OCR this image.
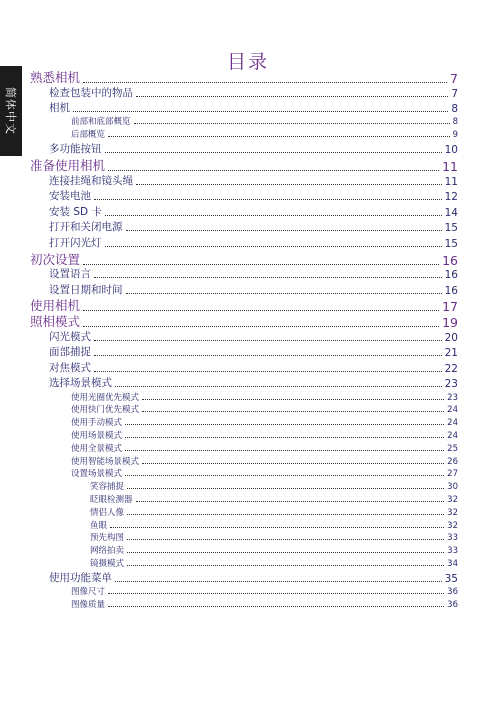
简体中文
目录
熟悉相机	7
检查包装中的物品	7
相机	8
前部和底部概览	8
后部概览	9
多功能按钮	10
准备使用相机	11
连接挂绳和镜头绳	11
安装电池	12
安装 SD 卡	14
打开和关闭电源	15
打开闪光灯	15
初次设置	16
设置语言	16
设置日期和时间	16
使用相机	17
照相模式	19
闪光模式	20
面部捕捉	21
对焦模式	22
选择场景模式	23
使用光圈优先模式	23
使用快门优先模式	24
使用手动模式	24
使用场景模式	24
使用全景模式	25
使用智能场景模式	26
设置场景模式	27
笑容捕捉	30
眨眼检测器	32
情侣人像	32
鱼眼	32
预先构图	33
网络拍卖	33
镜摄模式	34
使用功能菜单	35
图像尺寸	36
图像质量	36
